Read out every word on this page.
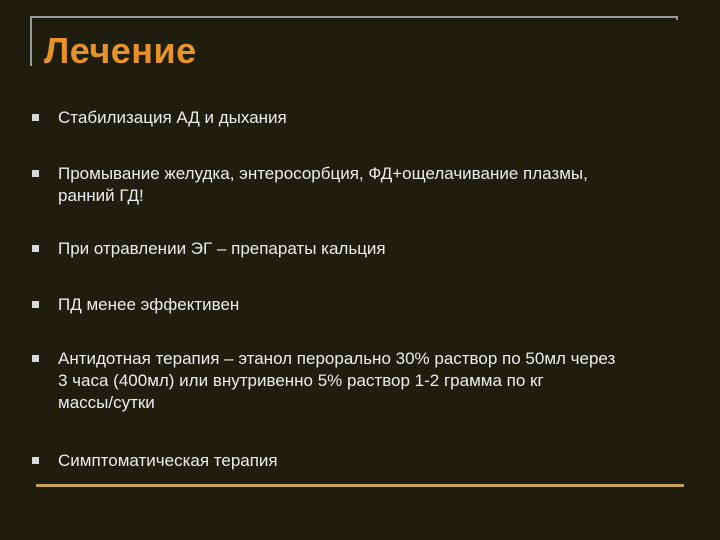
Лечение
Стабилизация АД и дыхания
Промывание желудка, энтеросорбция, ФД+ощелачивание плазмы,
ранний ГД!
При отравлении ЭГ – препараты кальция
ПД менее эффективен
Антидотная терапия – этанол перорально 30% раствор по 50мл через
3 часа (400мл) или внутривенно 5% раствор 1-2 грамма по кг
массы/сутки
Симптоматическая терапия
